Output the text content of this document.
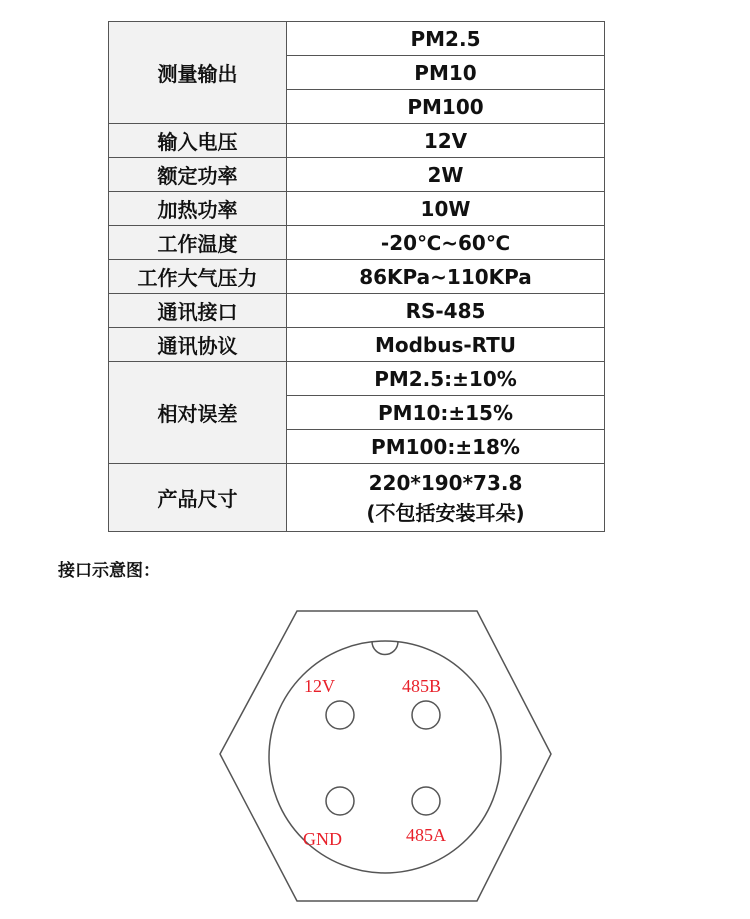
测量输出	PM2.5
	PM10
	PM100
输入电压	12V
额定功率	2W
加热功率	10W
工作温度	-20℃~60℃
工作大气压力	86KPa~110KPa
通讯接口	RS-485
通讯协议	Modbus-RTU
相对误差	PM2.5:±10%
	PM10:±15%
	PM100:±18%
产品尺寸	220*190*73.8
(不包括安装耳朵)

接口示意图：

12V	485B
GND	485A
